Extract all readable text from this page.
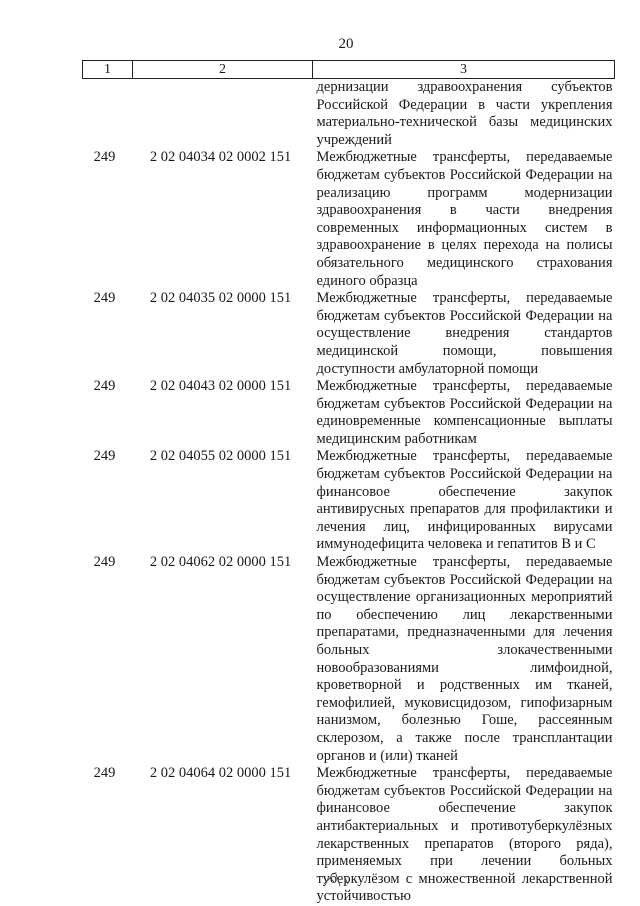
20
1	2	3
		дернизации здравоохранения субъектов Российской Федерации в части укрепления материально-технической базы медицинских учреждений
249	2 02 04034 02 0002 151	Межбюджетные трансферты, передаваемые бюджетам субъектов Российской Федерации на реализацию программ модернизации здравоохранения в части внедрения современных информационных систем в здравоохранение в целях перехода на полисы обязательного медицинского страхования единого образца
249	2 02 04035 02 0000 151	Межбюджетные трансферты, передаваемые бюджетам субъектов Российской Федерации на осуществление внедрения стандартов медицинской помощи, повышения доступности амбулаторной помощи
249	2 02 04043 02 0000 151	Межбюджетные трансферты, передаваемые бюджетам субъектов Российской Федерации на единовременные компенсационные выплаты медицинским работникам
249	2 02 04055 02 0000 151	Межбюджетные трансферты, передаваемые бюджетам субъектов Российской Федерации на финансовое обеспечение закупок антивирусных препаратов для профилактики и лечения лиц, инфицированных вирусами иммунодефицита человека и гепатитов В и С
249	2 02 04062 02 0000 151	Межбюджетные трансферты, передаваемые бюджетам субъектов Российской Федерации на осуществление организационных мероприятий по обеспечению лиц лекарственными препаратами, предназначенными для лечения больных злокачественными новообразованиями лимфоидной, кроветворной и родственных им тканей, гемофилией, муковисцидозом, гипофизарным нанизмом, болезнью Гоше, рассеянным склерозом, а также после трансплантации органов и (или) тканей
249	2 02 04064 02 0000 151	Межбюджетные трансферты, передаваемые бюджетам субъектов Российской Федерации на финансовое обеспечение закупок антибактериальных и противотуберкулёзных лекарственных препаратов (второго ряда), применяемых при лечении больных туберкулёзом с множественной лекарственной устойчивостью
